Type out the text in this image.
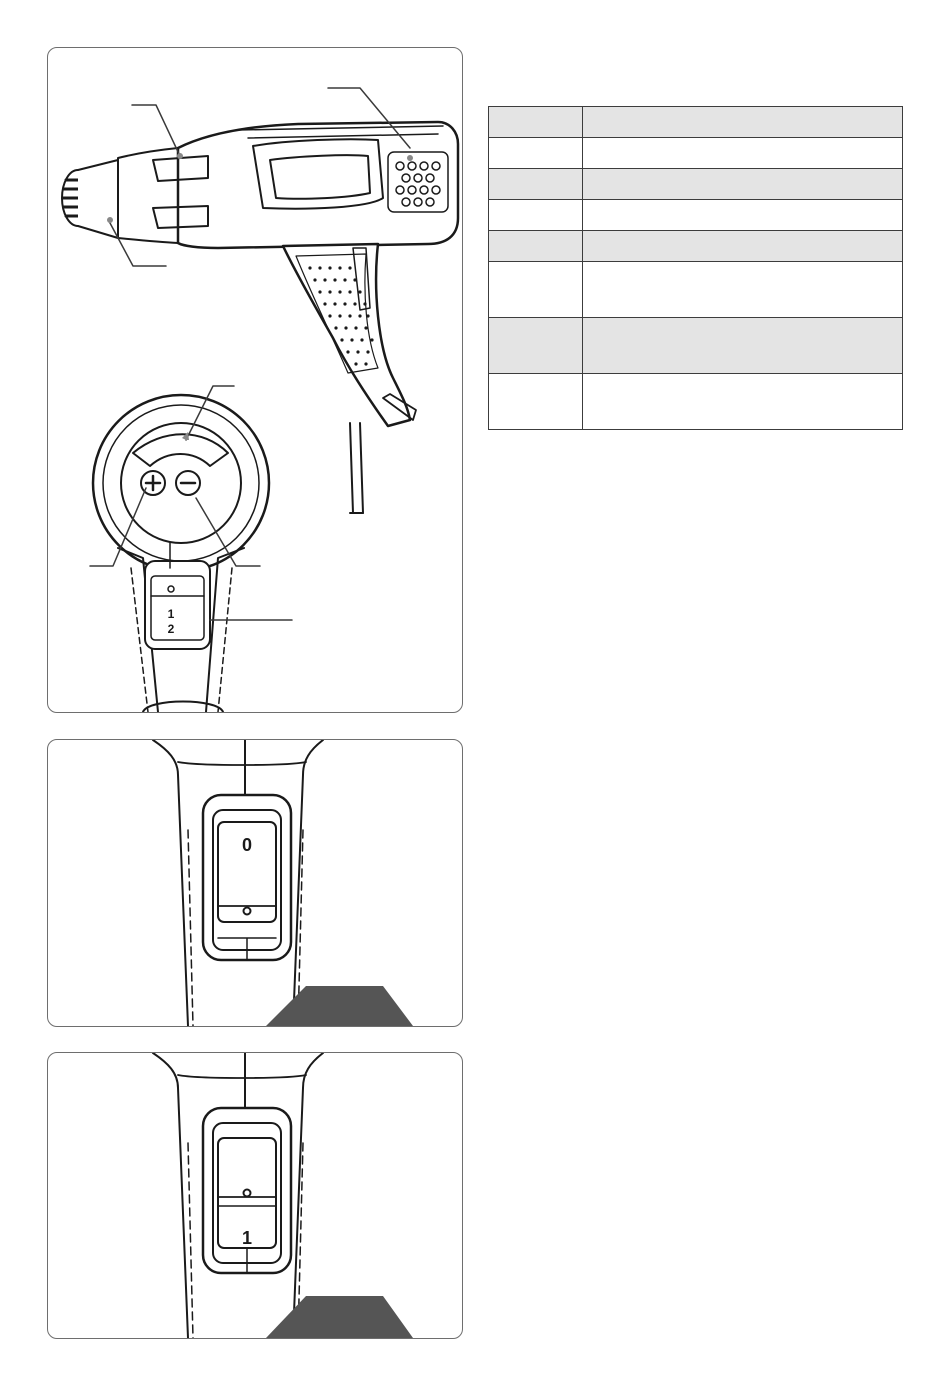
1
2
0
1
